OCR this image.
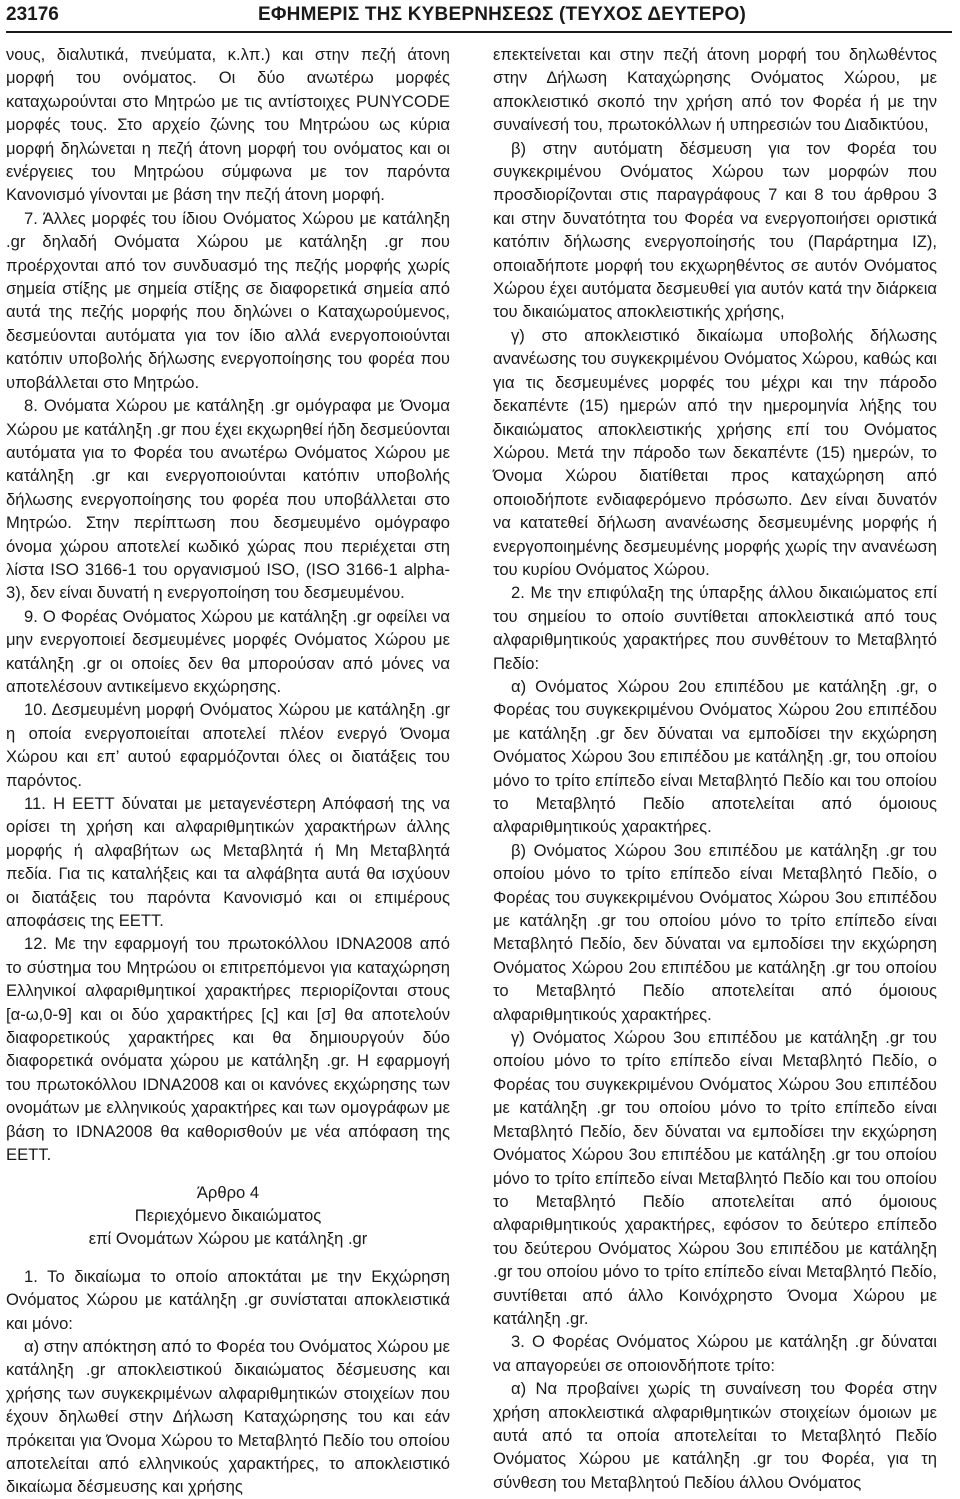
23176	ΕΦΗΜΕΡΙΣ ΤΗΣ ΚΥΒΕΡΝΗΣΕΩΣ (ΤΕΥΧΟΣ ΔΕΥΤΕΡΟ)

νους, διαλυτικά, πνεύματα, κ.λπ.) και στην πεζή άτονη μορφή του ονόματος. Οι δύο ανωτέρω μορφές καταχωρούνται στο Μητρώο με τις αντίστοιχες PUNYCODE μορφές τους. Στο αρχείο ζώνης του Μητρώου ως κύρια μορφή δηλώνεται η πεζή άτονη μορφή του ονόματος και οι ενέργειες του Μητρώου σύμφωνα με τον παρόντα Κανονισμό γίνονται με βάση την πεζή άτονη μορφή.

7. Άλλες μορφές του ίδιου Ονόματος Χώρου με κατάληξη .gr δηλαδή Ονόματα Χώρου με κατάληξη .gr που προέρχονται από τον συνδυασμό της πεζής μορφής χωρίς σημεία στίξης με σημεία στίξης σε διαφορετικά σημεία από αυτά της πεζής μορφής που δηλώνει ο Καταχωρούμενος, δεσμεύονται αυτόματα για τον ίδιο αλλά ενεργοποιούνται κατόπιν υποβολής δήλωσης ενεργοποίησης του φορέα που υποβάλλεται στο Μητρώο.

8. Ονόματα Χώρου με κατάληξη .gr ομόγραφα με Όνομα Χώρου με κατάληξη .gr που έχει εκχωρηθεί ήδη δεσμεύονται αυτόματα για το Φορέα του ανωτέρω Ονόματος Χώρου με κατάληξη .gr και ενεργοποιούνται κατόπιν υποβολής δήλωσης ενεργοποίησης του φορέα που υποβάλλεται στο Μητρώο. Στην περίπτωση που δεσμευμένο ομόγραφο όνομα χώρου αποτελεί κωδικό χώρας που περιέχεται στη λίστα ISO 3166-1 του οργανισμού ISO, (ISO 3166-1 alpha-3), δεν είναι δυνατή η ενεργοποίηση του δεσμευμένου.

9. Ο Φορέας Ονόματος Χώρου με κατάληξη .gr οφείλει να μην ενεργοποιεί δεσμευμένες μορφές Ονόματος Χώρου με κατάληξη .gr οι οποίες δεν θα μπορούσαν από μόνες να αποτελέσουν αντικείμενο εκχώρησης.

10. Δεσμευμένη μορφή Ονόματος Χώρου με κατάληξη .gr η οποία ενεργοποιείται αποτελεί πλέον ενεργό Όνομα Χώρου και επ’ αυτού εφαρμόζονται όλες οι διατάξεις του παρόντος.

11. Η ΕΕΤΤ δύναται με μεταγενέστερη Απόφασή της να ορίσει τη χρήση και αλφαριθμητικών χαρακτήρων άλλης μορφής ή αλφαβήτων ως Μεταβλητά ή Μη Μεταβλητά πεδία. Για τις καταλήξεις και τα αλφάβητα αυτά θα ισχύουν οι διατάξεις του παρόντα Κανονισμό και οι επιμέρους αποφάσεις της ΕΕΤΤ.

12. Με την εφαρμογή του πρωτοκόλλου IDNA2008 από το σύστημα του Μητρώου οι επιτρεπόμενοι για καταχώρηση Ελληνικοί αλφαριθμητικοί χαρακτήρες περιορίζονται στους [α-ω,0-9] και οι δύο χαρακτήρες [ς] και [σ] θα αποτελούν διαφορετικούς χαρακτήρες και θα δημιουργούν δύο διαφορετικά ονόματα χώρου με κατάληξη .gr. Η εφαρμογή του πρωτοκόλλου IDNA2008 και οι κανόνες εκχώρησης των ονομάτων με ελληνικούς χαρακτήρες και των ομογράφων με βάση το IDNA2008 θα καθορισθούν με νέα απόφαση της ΕΕΤΤ.

Άρθρο 4

Περιεχόμενο δικαιώματος

επί Ονομάτων Χώρου με κατάληξη .gr

1. Το δικαίωμα το οποίο αποκτάται με την Εκχώρηση Ονόματος Χώρου με κατάληξη .gr συνίσταται αποκλειστικά και μόνο:

α) στην απόκτηση από το Φορέα του Ονόματος Χώρου με κατάληξη .gr αποκλειστικού δικαιώματος δέσμευσης και χρήσης των συγκεκριμένων αλφαριθμητικών στοιχείων που έχουν δηλωθεί στην Δήλωση Καταχώρησης του και εάν πρόκειται για Όνομα Χώρου το Μεταβλητό Πεδίο του οποίου αποτελείται από ελληνικούς χαρακτήρες, το αποκλειστικό δικαίωμα δέσμευσης και χρήσης

επεκτείνεται και στην πεζή άτονη μορφή του δηλωθέντος στην Δήλωση Καταχώρησης Ονόματος Χώρου, με αποκλειστικό σκοπό την χρήση από τον Φορέα ή με την συναίνεσή του, πρωτοκόλλων ή υπηρεσιών του Διαδικτύου,

β) στην αυτόματη δέσμευση για τον Φορέα του συγκεκριμένου Ονόματος Χώρου των μορφών που προσδιορίζονται στις παραγράφους 7 και 8 του άρθρου 3 και στην δυνατότητα του Φορέα να ενεργοποιήσει οριστικά κατόπιν δήλωσης ενεργοποίησής του (Παράρτημα ΙΖ), οποιαδήποτε μορφή του εκχωρηθέντος σε αυτόν Ονόματος Χώρου έχει αυτόματα δεσμευθεί για αυτόν κατά την διάρκεια του δικαιώματος αποκλειστικής χρήσης,

γ) στο αποκλειστικό δικαίωμα υποβολής δήλωσης ανανέωσης του συγκεκριμένου Ονόματος Χώρου, καθώς και για τις δεσμευμένες μορφές του μέχρι και την πάροδο δεκαπέντε (15) ημερών από την ημερομηνία λήξης του δικαιώματος αποκλειστικής χρήσης επί του Ονόματος Χώρου. Μετά την πάροδο των δεκαπέντε (15) ημερών, το Όνομα Χώρου διατίθεται προς καταχώρηση από οποιοδήποτε ενδιαφερόμενο πρόσωπο. Δεν είναι δυνατόν να κατατεθεί δήλωση ανανέωσης δεσμευμένης μορφής ή ενεργοποιημένης δεσμευμένης μορφής χωρίς την ανανέωση του κυρίου Ονόματος Χώρου.

2. Με την επιφύλαξη της ύπαρξης άλλου δικαιώματος επί του σημείου το οποίο συντίθεται αποκλειστικά από τους αλφαριθμητικούς χαρακτήρες που συνθέτουν το Μεταβλητό Πεδίο:

α) Ονόματος Χώρου 2ου επιπέδου με κατάληξη .gr, ο Φορέας του συγκεκριμένου Ονόματος Χώρου 2ου επιπέδου με κατάληξη .gr δεν δύναται να εμποδίσει την εκχώρηση Ονόματος Χώρου 3ου επιπέδου με κατάληξη .gr, του οποίου μόνο το τρίτο επίπεδο είναι Μεταβλητό Πεδίο και του οποίου το Μεταβλητό Πεδίο αποτελείται από όμοιους αλφαριθμητικούς χαρακτήρες.

β) Ονόματος Χώρου 3ου επιπέδου με κατάληξη .gr του οποίου μόνο το τρίτο επίπεδο είναι Μεταβλητό Πεδίο, ο Φορέας του συγκεκριμένου Ονόματος Χώρου 3ου επιπέδου με κατάληξη .gr του οποίου μόνο το τρίτο επίπεδο είναι Μεταβλητό Πεδίο, δεν δύναται να εμποδίσει την εκχώρηση Ονόματος Χώρου 2ου επιπέδου με κατάληξη .gr του οποίου το Μεταβλητό Πεδίο αποτελείται από όμοιους αλφαριθμητικούς χαρακτήρες.

γ) Ονόματος Χώρου 3ου επιπέδου με κατάληξη .gr του οποίου μόνο το τρίτο επίπεδο είναι Μεταβλητό Πεδίο, ο Φορέας του συγκεκριμένου Ονόματος Χώρου 3ου επιπέδου με κατάληξη .gr του οποίου μόνο το τρίτο επίπεδο είναι Μεταβλητό Πεδίο, δεν δύναται να εμποδίσει την εκχώρηση Ονόματος Χώρου 3ου επιπέδου με κατάληξη .gr του οποίου μόνο το τρίτο επίπεδο είναι Μεταβλητό Πεδίο και του οποίου το Μεταβλητό Πεδίο αποτελείται από όμοιους αλφαριθμητικούς χαρακτήρες, εφόσον το δεύτερο επίπεδο του δεύτερου Ονόματος Χώρου 3ου επιπέδου με κατάληξη .gr του οποίου μόνο το τρίτο επίπεδο είναι Μεταβλητό Πεδίο, συντίθεται από άλλο Κοινόχρηστο Όνομα Χώρου με κατάληξη .gr.

3. Ο Φορέας Ονόματος Χώρου με κατάληξη .gr δύναται να απαγορεύει σε οποιονδήποτε τρίτο:

α) Να προβαίνει χωρίς τη συναίνεση του Φορέα στην χρήση αποκλειστικά αλφαριθμητικών στοιχείων όμοιων με αυτά από τα οποία αποτελείται το Μεταβλητό Πεδίο Ονόματος Χώρου με κατάληξη .gr του Φορέα, για τη σύνθεση του Μεταβλητού Πεδίου άλλου Ονόματος
